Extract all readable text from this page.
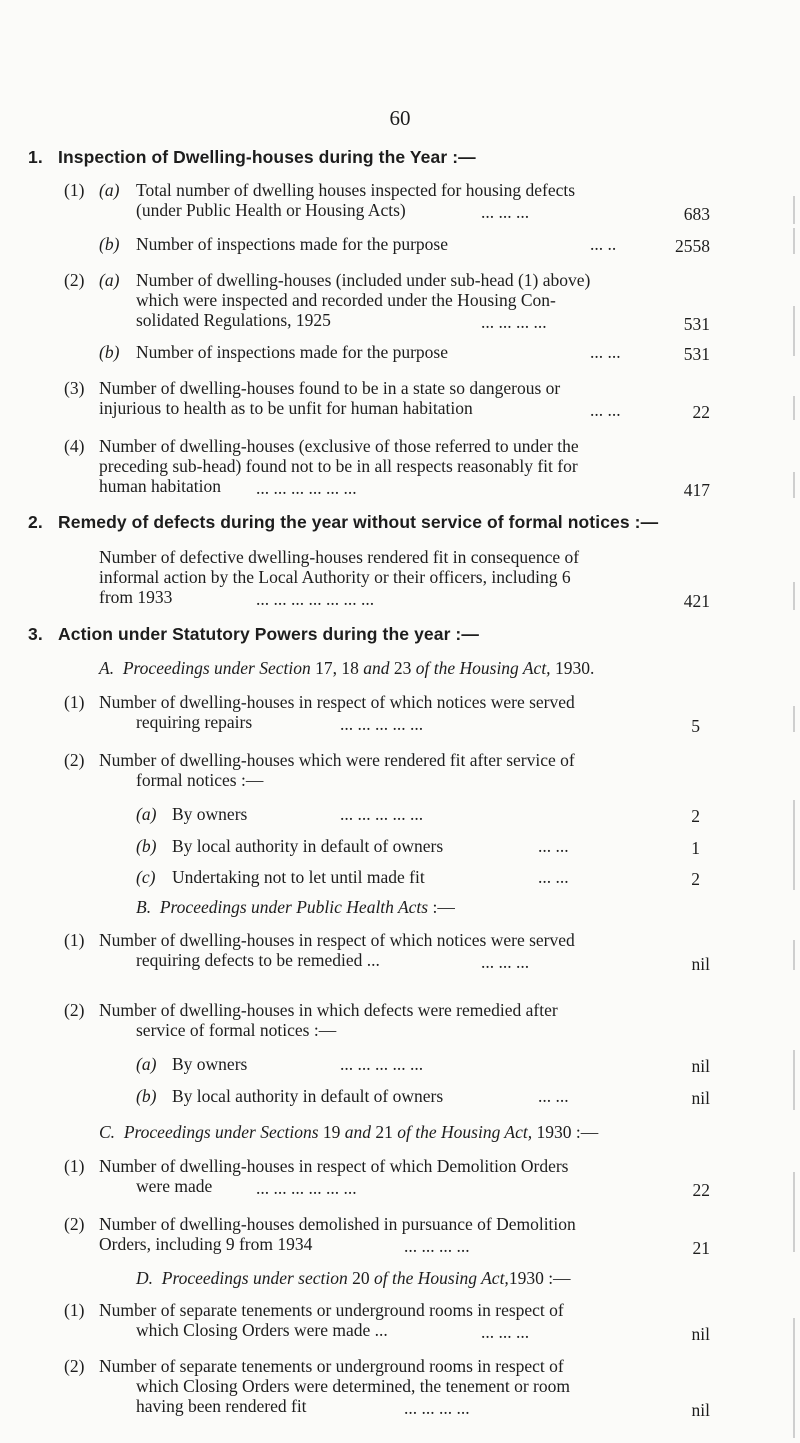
60
1. Inspection of Dwelling-houses during the Year :—
(1) (a) Total number of dwelling houses inspected for housing defects
(under Public Health or Housing Acts)	... ... ...	683
(b) Number of inspections made for the purpose	... ..	2558
(2) (a) Number of dwelling-houses (included under sub-head (1) above)
which were inspected and recorded under the Housing Con-
solidated Regulations, 1925	... ... ... ...	531
(b) Number of inspections made for the purpose	... ...	531
(3) Number of dwelling-houses found to be in a state so dangerous or
injurious to health as to be unfit for human habitation	... ...	22
(4) Number of dwelling-houses (exclusive of those referred to under the
preceding sub-head) found not to be in all respects reasonably fit for
human habitation ... ... ... ... ... ...	417
2. Remedy of defects during the year without service of formal notices :—
Number of defective dwelling-houses rendered fit in consequence of
informal action by the Local Authority or their officers, including 6
from 1933	... ... ... ... ... ... ...	421
3. Action under Statutory Powers during the year :—
A. Proceedings under Section 17, 18 and 23 of the Housing Act, 1930.
(1) Number of dwelling-houses in respect of which notices were served
requiring repairs	... ... ... ... ...	5
(2) Number of dwelling-houses which were rendered fit after service of
formal notices :—
(a) By owners	... ... ... ... ...	2
(b) By local authority in default of owners	... ...	1
(c) Undertaking not to let until made fit	... ...	2
B. Proceedings under Public Health Acts :—
(1) Number of dwelling-houses in respect of which notices were served
requiring defects to be remedied ...	... ... ...	nil
(2) Number of dwelling-houses in which defects were remedied after
service of formal notices :—
(a) By owners	... ... ... ... ...	nil
(b) By local authority in default of owners	... ...	nil
C. Proceedings under Sections 19 and 21 of the Housing Act, 1930 :—
(1) Number of dwelling-houses in respect of which Demolition Orders
were made ... ... ... ... ... ...	22
(2) Number of dwelling-houses demolished in pursuance of Demolition
Orders, including 9 from 1934	... ... ... ...	21
D. Proceedings under section 20 of the Housing Act,1930 :—
(1) Number of separate tenements or underground rooms in respect of
which Closing Orders were made ...	... ... ...	nil
(2) Number of separate tenements or underground rooms in respect of
which Closing Orders were determined, the tenement or room
having been rendered fit	... ... ... ...	nil
